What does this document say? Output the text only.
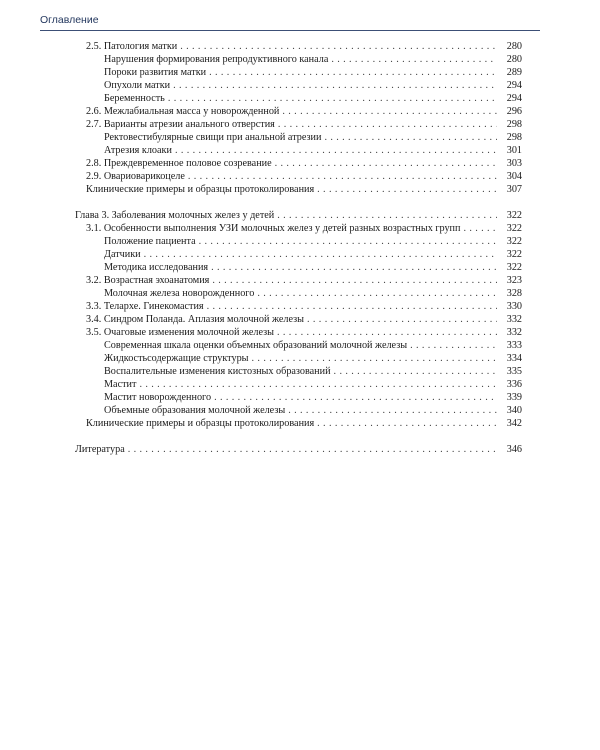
Оглавление
2.5. Патология матки . . .	280
Нарушения формирования репродуктивного канала . . .	280
Пороки развития матки . . .	289
Опухоли матки . . .	294
Беременность . . .	294
2.6. Межлабиальная масса у новорожденной . . .	296
2.7. Варианты атрезии анального отверстия . . .	298
Ректовестибулярные свищи при анальной атрезии . . .	298
Атрезия клоаки . . .	301
2.8. Преждевременное половое созревание . . .	303
2.9. Овариоварикоцеле . . .	304
Клинические примеры и образцы протоколирования . . .	307
Глава 3. Заболевания молочных желез у детей . . .	322
3.1. Особенности выполнения УЗИ молочных желез у детей разных возрастных групп . . .	322
Положение пациента . . .	322
Датчики . . .	322
Методика исследования . . .	322
3.2. Возрастная эхоанатомия . . .	323
Молочная железа новорожденного . . .	328
3.3. Телархе. Гинекомастия . . .	330
3.4. Синдром Поланда. Аплазия молочной железы . . .	332
3.5. Очаговые изменения молочной железы . . .	332
Современная шкала оценки объемных образований молочной железы . . .	333
Жидкостьсодержащие структуры . . .	334
Воспалительные изменения кистозных образований . . .	335
Мастит . . .	336
Мастит новорожденного . . .	339
Объемные образования молочной железы . . .	340
Клинические примеры и образцы протоколирования . . .	342
Литература . . .	346
